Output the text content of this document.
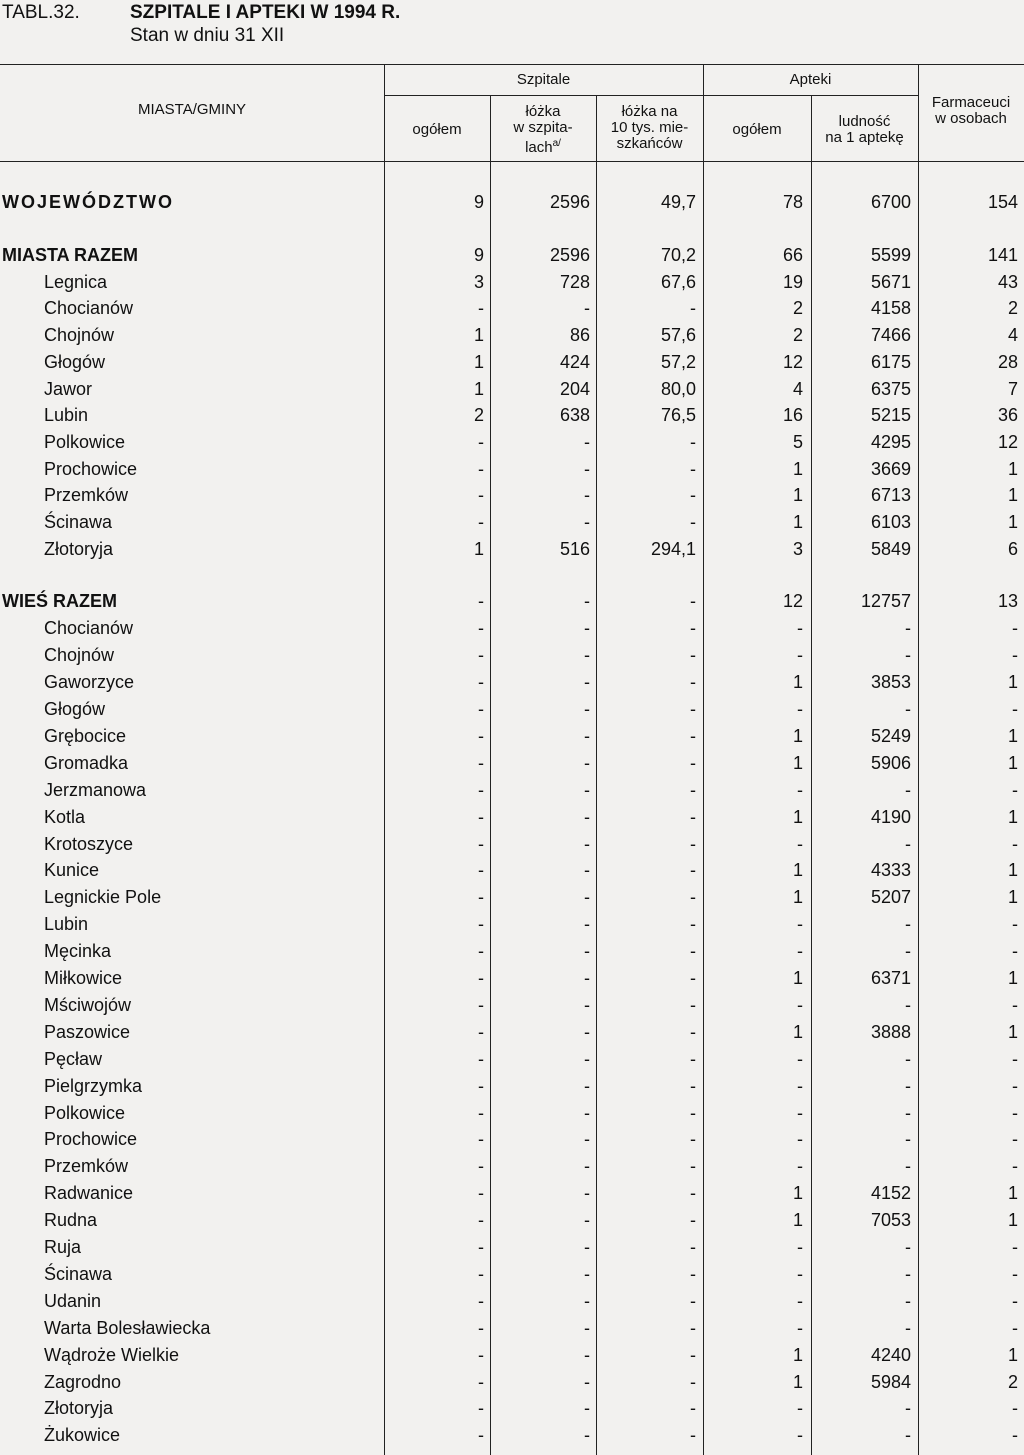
TABL.32.	SZPITALE I APTEKI W 1994 R.
Stan w dniu 31 XII
MIASTA/GMINY
Szpitale	Apteki
ogółem
łóżka
w szpita-
lach$^{a/}$
łóżka na
10 tys. mie-
szkańców
ogółem	ludność
na 1 aptekę
Farmaceuci
w osobach
WOJEWÓDZTWO	9	2596	49,7	78	6700	154
MIASTA RAZEM	9	2596	70,2	66	5599	141
Legnica	3	728	67,6	19	5671	43
Chocianów	-	-	-	2	4158	2
Chojnów	1	86	57,6	2	7466	4
Głogów	1	424	57,2	12	6175	28
Jawor	1	204	80,0	4	6375	7
Lubin	2	638	76,5	16	5215	36
Polkowice	-	-	-	5	4295	12
Prochowice	-	-	-	1	3669	1
Przemków	-	-	-	1	6713	1
Ścinawa	-	-	-	1	6103	1
Złotoryja	1	516	294,1	3	5849	6
WIEŚ RAZEM	-	-	-	12	12757	13
Chocianów	-	-	-	-	-	-
Chojnów	-	-	-	-	-	-
Gaworzyce	-	-	-	1	3853	1
Głogów	-	-	-	-	-	-
Grębocice	-	-	-	1	5249	1
Gromadka	-	-	-	1	5906	1
Jerzmanowa	-	-	-	-	-	-
Kotla	-	-	-	1	4190	1
Krotoszyce	-	-	-	-	-	-
Kunice	-	-	-	1	4333	1
Legnickie Pole	-	-	-	1	5207	1
Lubin	-	-	-	-	-	-
Męcinka	-	-	-	-	-	-
Miłkowice	-	-	-	1	6371	1
Mściwojów	-	-	-	-	-	-
Paszowice	-	-	-	1	3888	1
Pęcław	-	-	-	-	-	-
Pielgrzymka	-	-	-	-	-	-
Polkowice	-	-	-	-	-	-
Prochowice	-	-	-	-	-	-
Przemków	-	-	-	-	-	-
Radwanice	-	-	-	1	4152	1
Rudna	-	-	-	1	7053	1
Ruja	-	-	-	-	-	-
Ścinawa	-	-	-	-	-	-
Udanin	-	-	-	-	-	-
Warta Bolesławiecka	-	-	-	-	-	-
Wądroże Wielkie	-	-	-	1	4240	1
Zagrodno	-	-	-	1	5984	2
Złotoryja	-	-	-	-	-	-
Żukowice	-	-	-	-	-	-
